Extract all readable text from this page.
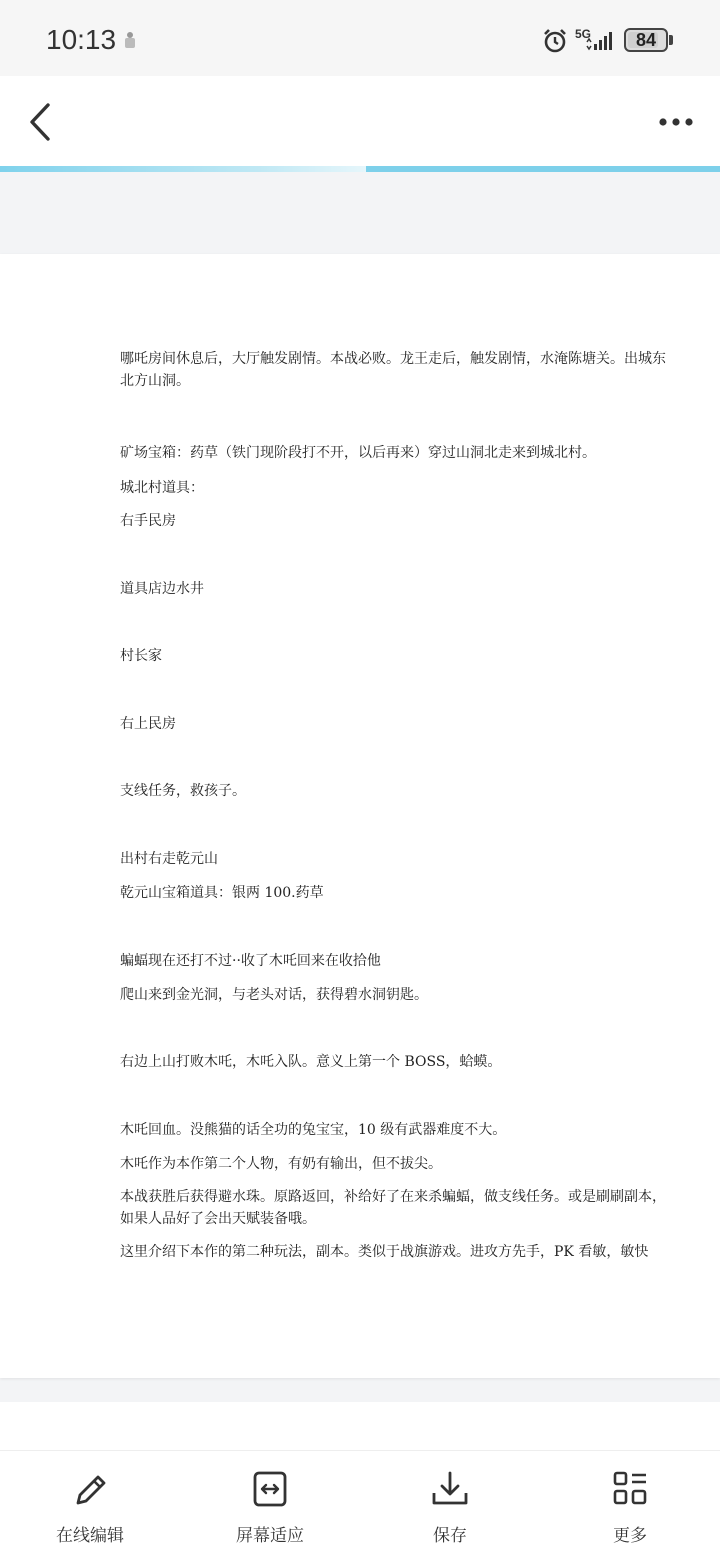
10:13	5G	84
哪吒房间休息后，大厅触发剧情。本战必败。龙王走后，触发剧情，水淹陈塘关。出城东北方山洞。
矿场宝箱：药草（铁门现阶段打不开，以后再来）穿过山洞北走来到城北村。
城北村道具：
右手民房
道具店边水井
村长家
右上民房
支线任务，救孩子。
出村右走乾元山
乾元山宝箱道具：银两 100.药草
蝙蝠现在还打不过··收了木吒回来在收拾他
爬山来到金光洞，与老头对话，获得碧水洞钥匙。
右边上山打败木吒，木吒入队。意义上第一个 BOSS，蛤蟆。
木吒回血。没熊猫的话全功的兔宝宝，10 级有武器难度不大。
木吒作为本作第二个人物，有奶有输出，但不拔尖。
本战获胜后获得避水珠。原路返回，补给好了在来杀蝙蝠，做支线任务。或是刷刷副本，如果人品好了会出天赋装备哦。
这里介绍下本作的第二种玩法，副本。类似于战旗游戏。进攻方先手，PK 看敏，敏快
在线编辑	屏幕适应	保存	更多
